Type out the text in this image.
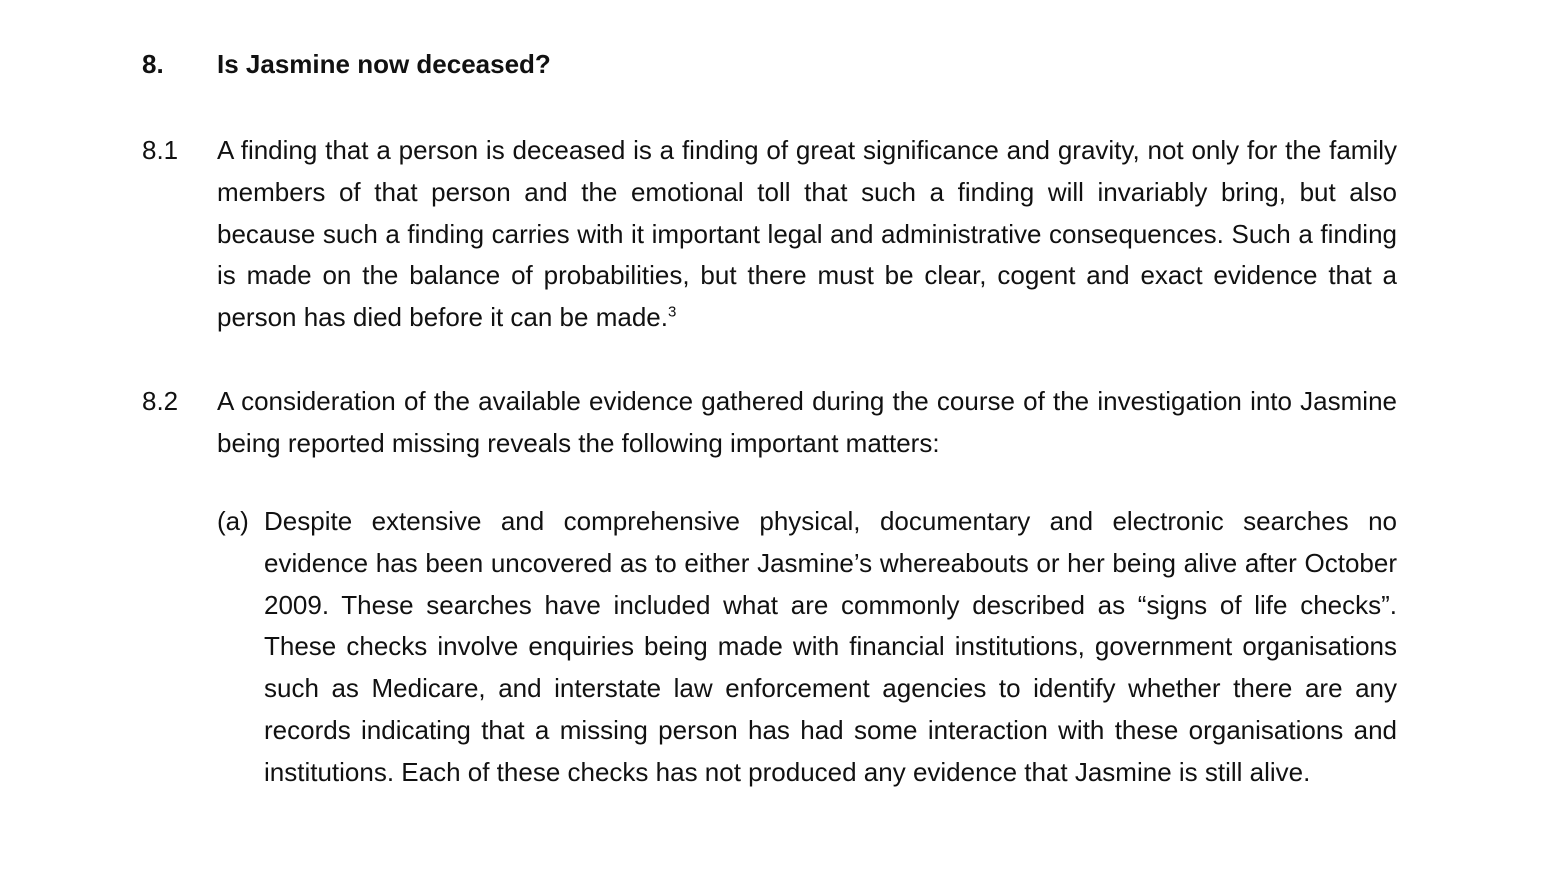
8. Is Jasmine now deceased?
8.1 A finding that a person is deceased is a finding of great significance and gravity, not only for the family members of that person and the emotional toll that such a finding will invariably bring, but also because such a finding carries with it important legal and administrative consequences. Such a finding is made on the balance of probabilities, but there must be clear, cogent and exact evidence that a person has died before it can be made.$^3$
8.2 A consideration of the available evidence gathered during the course of the investigation into Jasmine being reported missing reveals the following important matters:
(a) Despite extensive and comprehensive physical, documentary and electronic searches no evidence has been uncovered as to either Jasmine’s whereabouts or her being alive after October 2009. These searches have included what are commonly described as “signs of life checks”. These checks involve enquiries being made with financial institutions, government organisations such as Medicare, and interstate law enforcement agencies to identify whether there are any records indicating that a missing person has had some interaction with these organisations and institutions. Each of these checks has not produced any evidence that Jasmine is still alive.
